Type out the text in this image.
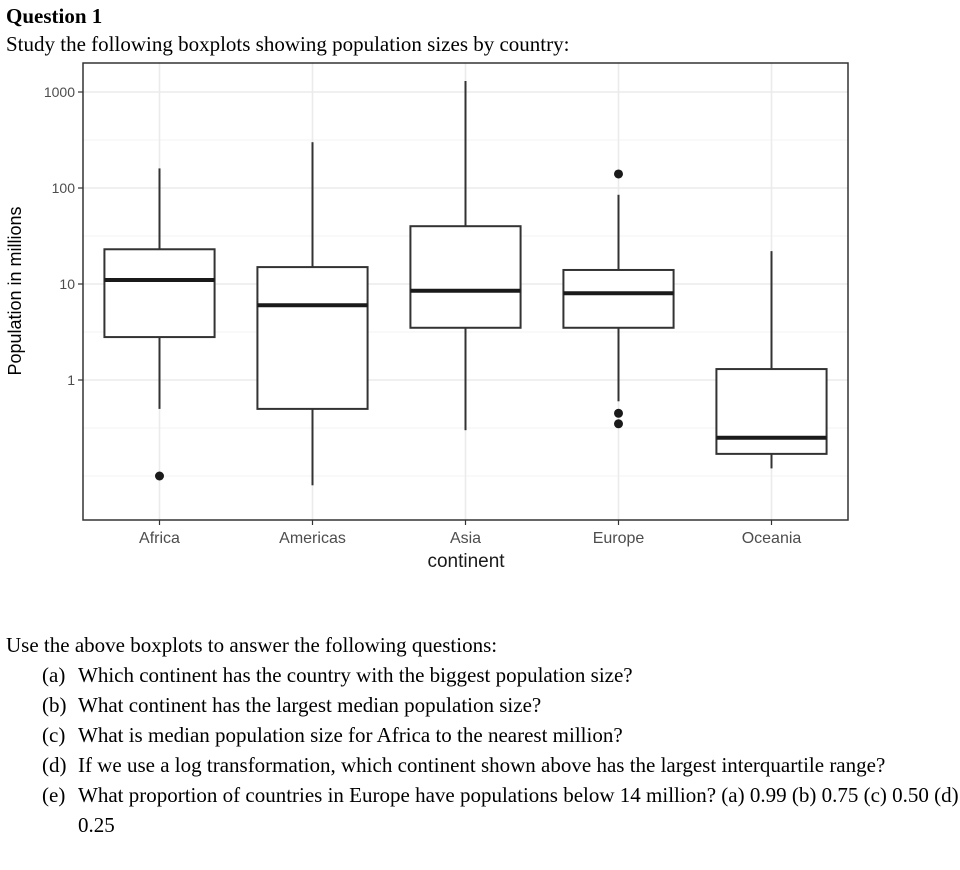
Question 1
Study the following boxplots showing population sizes by country:
1
10
100
1000
Africa	Americas	Asia	Europe	Oceania
Population in millions
continent

Use the above boxplots to answer the following questions:

(a) Which continent has the country with the biggest population size?
(b) What continent has the largest median population size?
(c) What is median population size for Africa to the nearest million?
(d) If we use a log transformation, which continent shown above has the largest interquartile range?
(e) What proportion of countries in Europe have populations below 14 million? (a) 0.99 (b) 0.75 (c) 0.50 (d) 0.25
